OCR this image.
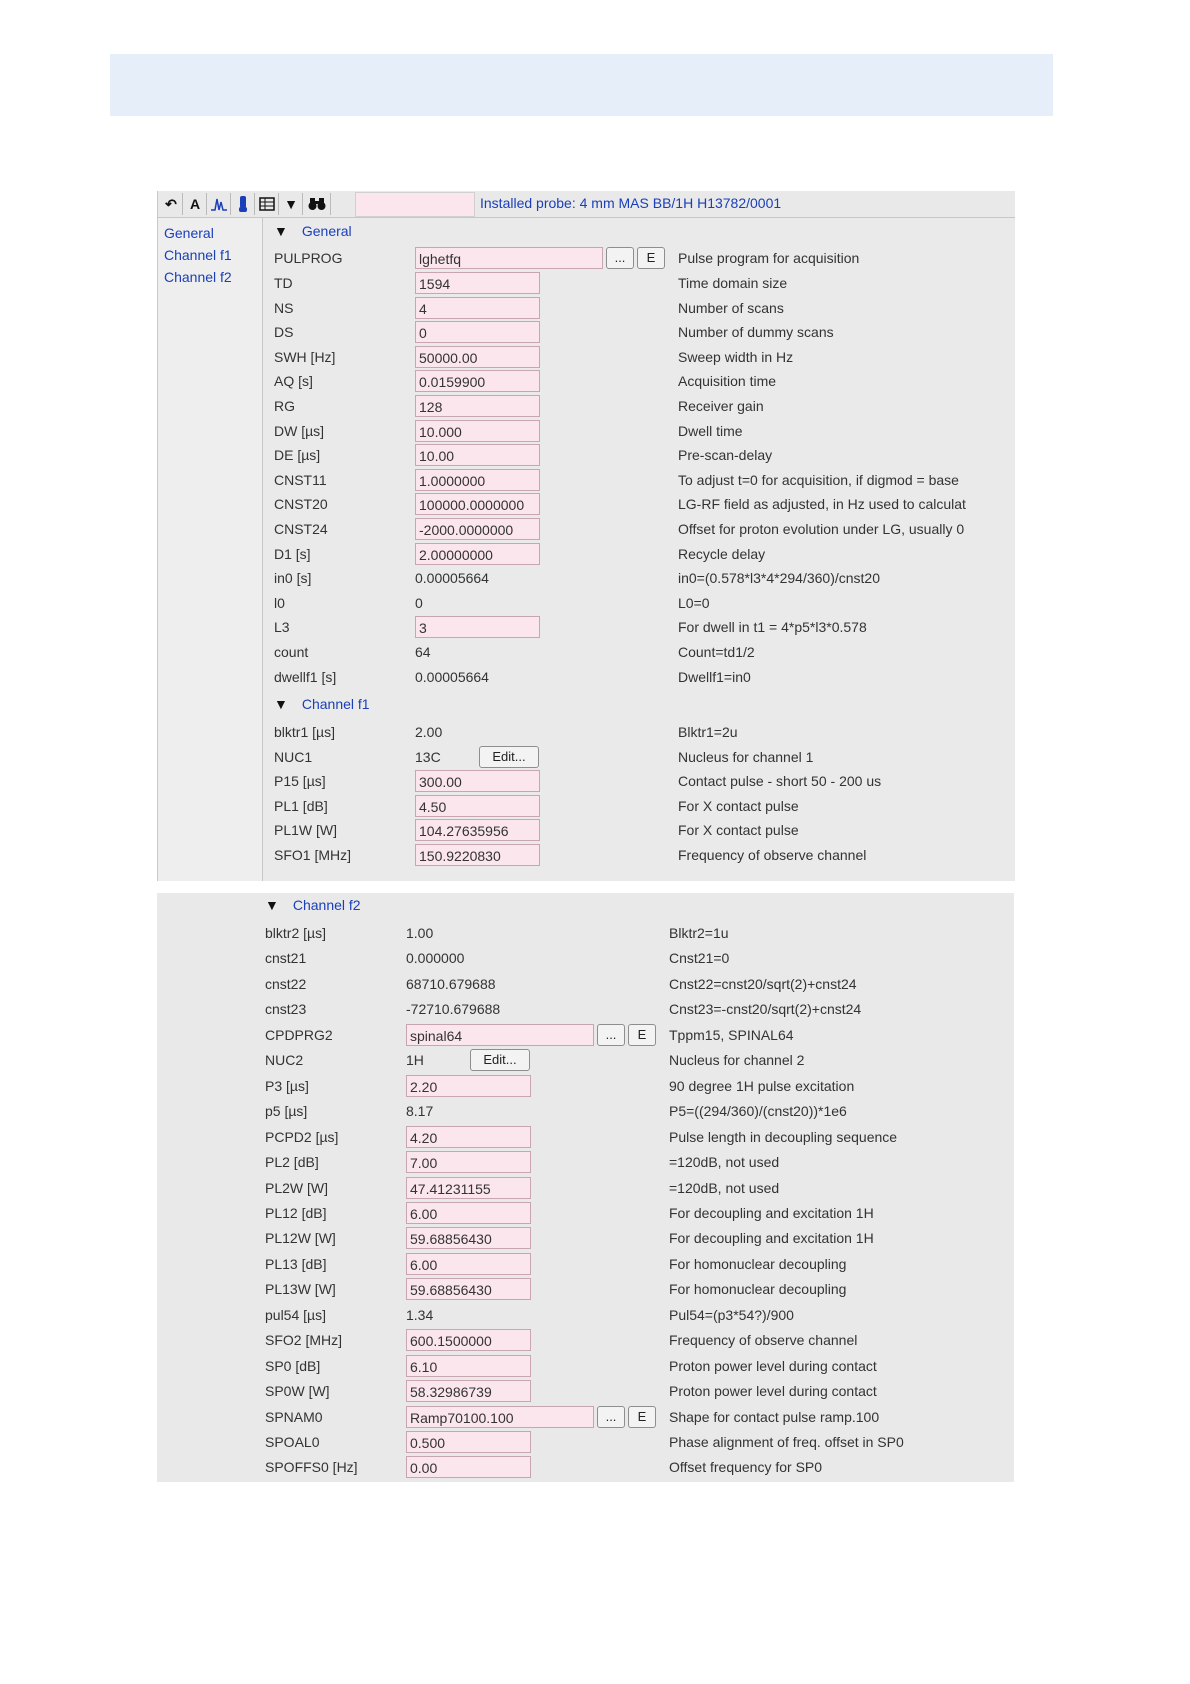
↶ A	▼	Installed probe: 4 mm MAS BB/1H H13782/0001
General
Channel f1
Channel f2
▼ General
PULPROG	lghetfq	...	E	Pulse program for acquisition
TD	1594	Time domain size
NS	4	Number of scans
DS	0	Number of dummy scans
SWH [Hz]	50000.00	Sweep width in Hz
AQ [s]	0.0159900	Acquisition time
RG	128	Receiver gain
DW [µs]	10.000	Dwell time
DE [µs]	10.00	Pre-scan-delay
CNST11	1.0000000	To adjust t=0 for acquisition, if digmod = base
CNST20	100000.0000000	LG-RF field as adjusted, in Hz used to calculat
CNST24	-2000.0000000	Offset for proton evolution under LG, usually 0
D1 [s]	2.00000000	Recycle delay
in0 [s]	0.00005664	in0=(0.578*l3*4*294/360)/cnst20
l0	0	L0=0
L3	3	For dwell in t1 = 4*p5*l3*0.578
count	64	Count=td1/2
dwellf1 [s]	0.00005664	Dwellf1=in0
▼ Channel f1
blktr1 [µs]	2.00	Blktr1=2u
NUC1	13C	Edit...	Nucleus for channel 1
P15 [µs]	300.00	Contact pulse - short 50 - 200 us
PL1 [dB]	4.50	For X contact pulse
PL1W [W]	104.27635956	For X contact pulse
SFO1 [MHz]	150.9220830	Frequency of observe channel
▼ Channel f2
blktr2 [µs]	1.00	Blktr2=1u
cnst21	0.000000	Cnst21=0
cnst22	68710.679688	Cnst22=cnst20/sqrt(2)+cnst24
cnst23	-72710.679688	Cnst23=-cnst20/sqrt(2)+cnst24
CPDPRG2	spinal64	...	E	Tppm15, SPINAL64
NUC2	1H	Edit...	Nucleus for channel 2
P3 [µs]	2.20	90 degree 1H pulse excitation
p5 [µs]	8.17	P5=((294/360)/(cnst20))*1e6
PCPD2 [µs]	4.20	Pulse length in decoupling sequence
PL2 [dB]	7.00	=120dB, not used
PL2W [W]	47.41231155	=120dB, not used
PL12 [dB]	6.00	For decoupling and excitation 1H
PL12W [W]	59.68856430	For decoupling and excitation 1H
PL13 [dB]	6.00	For homonuclear decoupling
PL13W [W]	59.68856430	For homonuclear decoupling
pul54 [µs]	1.34	Pul54=(p3*54?)/900
SFO2 [MHz]	600.1500000	Frequency of observe channel
SP0 [dB]	6.10	Proton power level during contact
SP0W [W]	58.32986739	Proton power level during contact
SPNAM0	Ramp70100.100	...	E	Shape for contact pulse ramp.100
SPOAL0	0.500	Phase alignment of freq. offset in SP0
SPOFFS0 [Hz]	0.00	Offset frequency for SP0
